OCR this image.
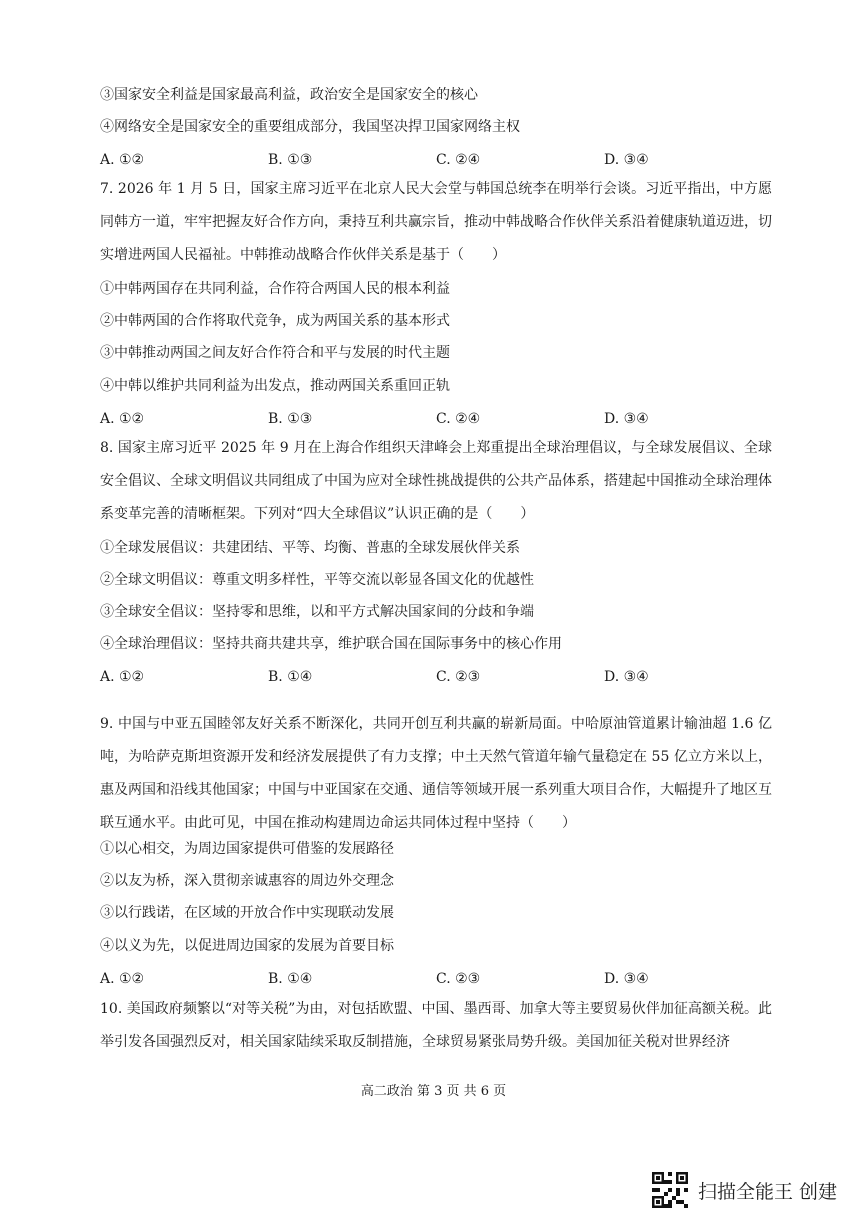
③国家安全利益是国家最高利益，政治安全是国家安全的核心
④网络安全是国家安全的重要组成部分，我国坚决捍卫国家网络主权
A. ①②	B. ①③	C. ②④	D. ③④
7. 2026 年 1 月 5 日，国家主席习近平在北京人民大会堂与韩国总统李在明举行会谈。习近平指出，中方愿同韩方一道，牢牢把握友好合作方向，秉持互利共赢宗旨，推动中韩战略合作伙伴关系沿着健康轨道迈进，切实增进两国人民福祉。中韩推动战略合作伙伴关系是基于（　　）
①中韩两国存在共同利益，合作符合两国人民的根本利益
②中韩两国的合作将取代竞争，成为两国关系的基本形式
③中韩推动两国之间友好合作符合和平与发展的时代主题
④中韩以维护共同利益为出发点，推动两国关系重回正轨
A. ①②	B. ①③	C. ②④	D. ③④
8. 国家主席习近平 2025 年 9 月在上海合作组织天津峰会上郑重提出全球治理倡议，与全球发展倡议、全球安全倡议、全球文明倡议共同组成了中国为应对全球性挑战提供的公共产品体系，搭建起中国推动全球治理体系变革完善的清晰框架。下列对“四大全球倡议”认识正确的是（　　）
①全球发展倡议：共建团结、平等、均衡、普惠的全球发展伙伴关系
②全球文明倡议：尊重文明多样性，平等交流以彰显各国文化的优越性
③全球安全倡议：坚持零和思维，以和平方式解决国家间的分歧和争端
④全球治理倡议：坚持共商共建共享，维护联合国在国际事务中的核心作用
A. ①②	B. ①④	C. ②③	D. ③④
9. 中国与中亚五国睦邻友好关系不断深化，共同开创互利共赢的崭新局面。中哈原油管道累计输油超 1.6 亿吨，为哈萨克斯坦资源开发和经济发展提供了有力支撑；中土天然气管道年输气量稳定在 55 亿立方米以上，惠及两国和沿线其他国家；中国与中亚国家在交通、通信等领域开展一系列重大项目合作，大幅提升了地区互联互通水平。由此可见，中国在推动构建周边命运共同体过程中坚持（　　）
①以心相交，为周边国家提供可借鉴的发展路径
②以友为桥，深入贯彻亲诚惠容的周边外交理念
③以行践诺，在区域的开放合作中实现联动发展
④以义为先，以促进周边国家的发展为首要目标
A. ①②	B. ①④	C. ②③	D. ③④
10. 美国政府频繁以“对等关税”为由，对包括欧盟、中国、墨西哥、加拿大等主要贸易伙伴加征高额关税。此举引发各国强烈反对，相关国家陆续采取反制措施，全球贸易紧张局势升级。美国加征关税对世界经济
高二政治 第 3 页 共 6 页
扫描全能王 创建
